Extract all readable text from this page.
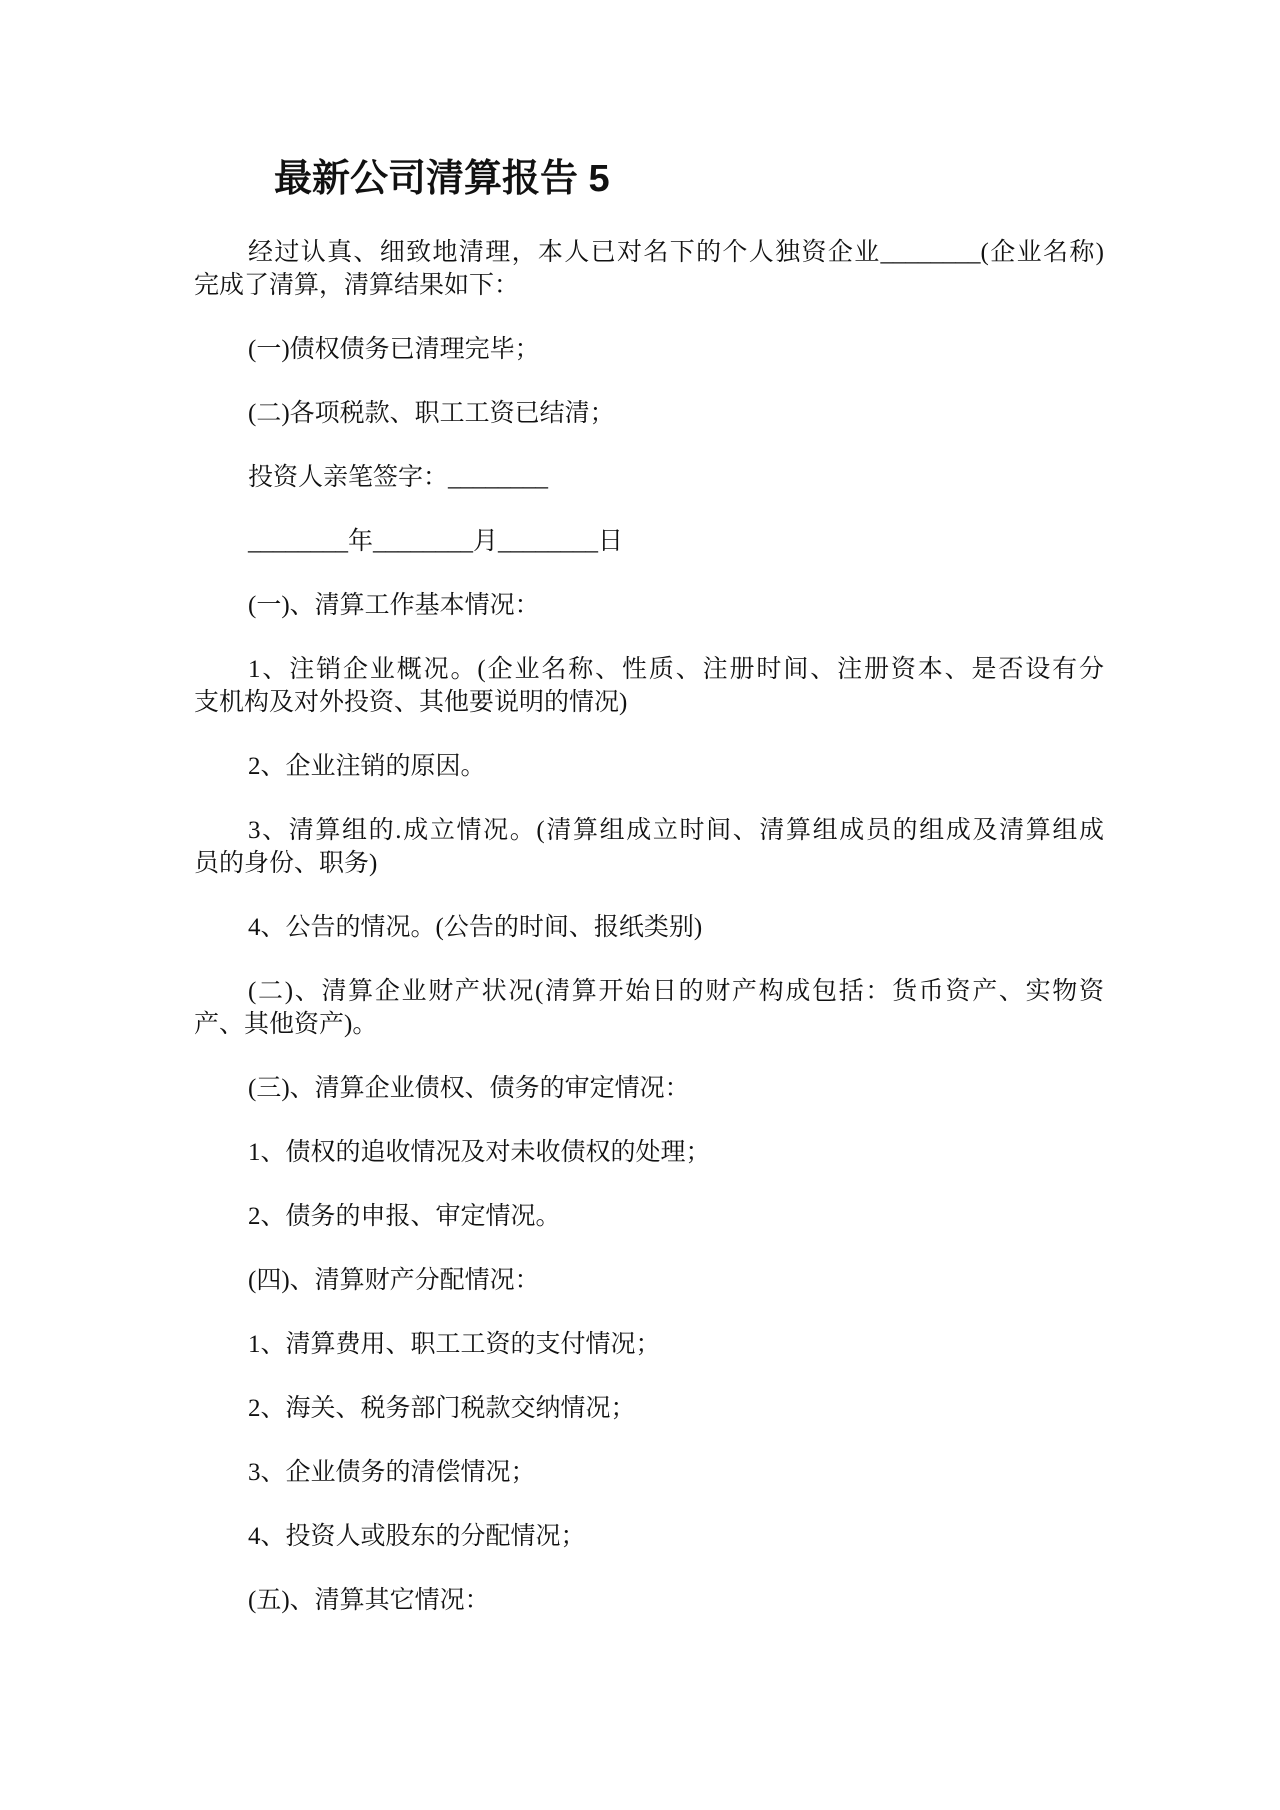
最新公司清算报告 5

经过认真、细致地清理，本人已对名下的个人独资企业________(企业名称)
完成了清算，清算结果如下：

(一)债权债务已清理完毕；

(二)各项税款、职工工资已结清；

投资人亲笔签字：________

________年________月________日

(一)、清算工作基本情况：

1、注销企业概况。(企业名称、性质、注册时间、注册资本、是否设有分
支机构及对外投资、其他要说明的情况)

2、企业注销的原因。

3、清算组的.成立情况。(清算组成立时间、清算组成员的组成及清算组成
员的身份、职务)

4、公告的情况。(公告的时间、报纸类别)

(二)、清算企业财产状况(清算开始日的财产构成包括：货币资产、实物资
产、其他资产)。

(三)、清算企业债权、债务的审定情况：

1、债权的追收情况及对未收债权的处理；

2、债务的申报、审定情况。

(四)、清算财产分配情况：

1、清算费用、职工工资的支付情况；

2、海关、税务部门税款交纳情况；

3、企业债务的清偿情况；

4、投资人或股东的分配情况；

(五)、清算其它情况：
